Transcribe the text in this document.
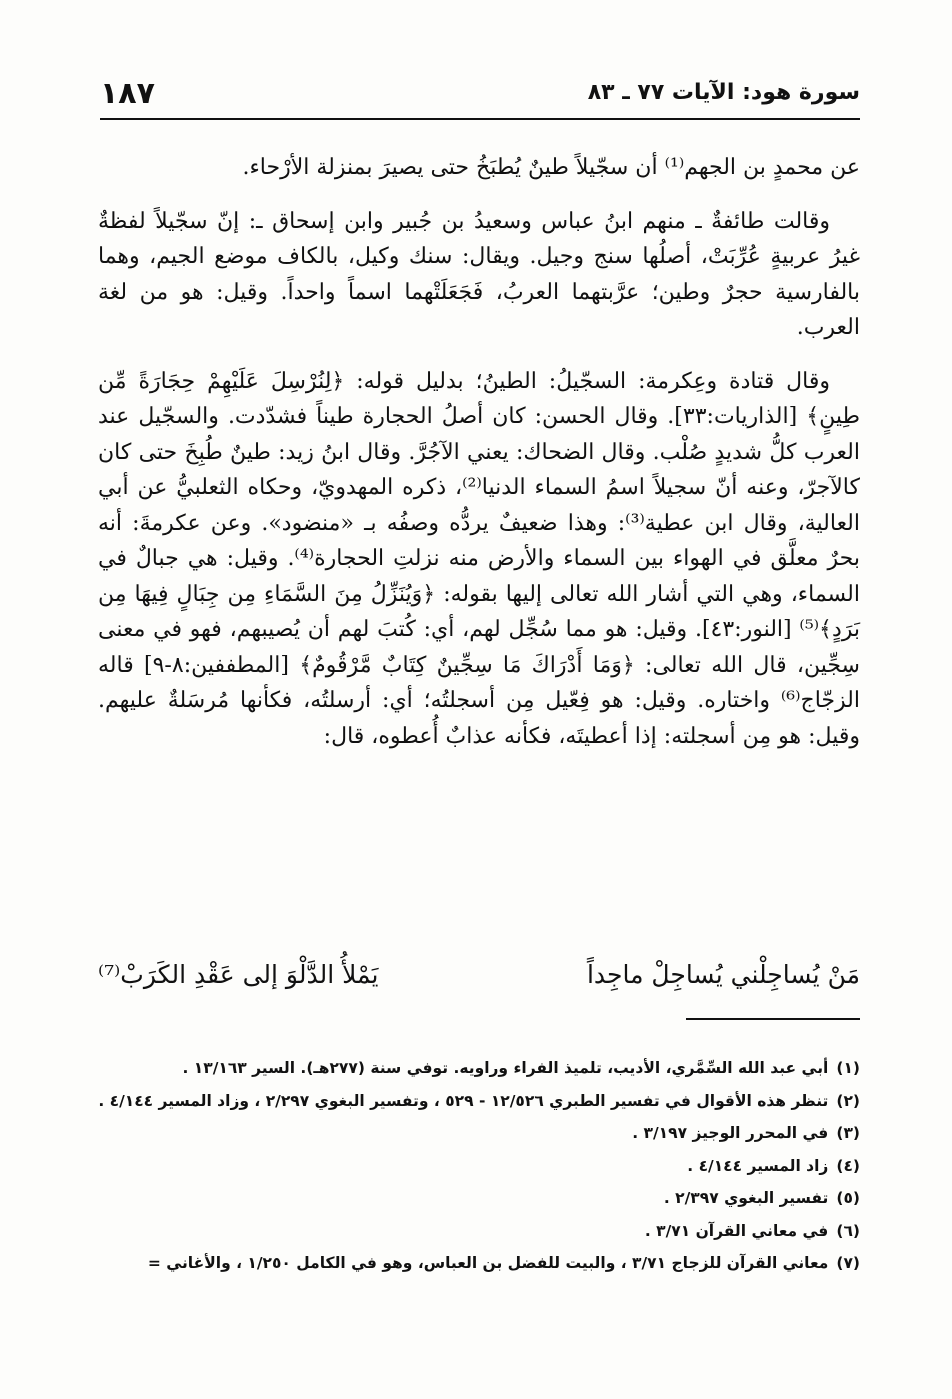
سورة هود: الآيات ٧٧ ـ ٨٣
١٨٧

عن محمدٍ بن الجهم⁽¹⁾ أن سجّيلاً طينٌ يُطبَخُ حتى يصيرَ بمنزلة الأرْحاء.

وقالت طائفةٌ ـ منهم ابنُ عباس وسعيدُ بن جُبير وابن إسحاق ـ: إنّ سجّيلاً لفظةٌ غيرُ عربيةٍ عُرِّبَتْ، أصلُها سنج وجيل. ويقال: سنك وكيل، بالكاف موضع الجيم، وهما بالفارسية حجرٌ وطين؛ عرَّبتهما العربُ، فَجَعَلَتْهما اسماً واحداً. وقيل: هو من لغة العرب.

وقال قتادة وعِكرمة: السجّيلُ: الطينُ؛ بدليل قوله: ﴿لِنُرْسِلَ عَلَيْهِمْ حِجَارَةً مِّن طِينٍ﴾ [الذاريات:٣٣]. وقال الحسن: كان أصلُ الحجارة طيناً فشدّدت. والسجّيل عند العرب كلُّ شديدٍ صُلْب. وقال الضحاك: يعني الآجُرَّ. وقال ابنُ زيد: طينٌ طُبِخَ حتى كان كالآجرّ، وعنه أنّ سجيلاً اسمُ السماء الدنيا⁽²⁾، ذكره المهدويّ، وحكاه الثعلبيُّ عن أبي العالية، وقال ابن عطية⁽³⁾: وهذا ضعيفٌ يردُّه وصفُه بـ «منضود». وعن عكرمةَ: أنه بحرٌ معلَّق في الهواء بين السماء والأرض منه نزلتِ الحجارة⁽⁴⁾. وقيل: هي جبالٌ في السماء، وهي التي أشار الله تعالى إليها بقوله: ﴿وَيُنَزِّلُ مِنَ السَّمَاءِ مِن جِبَالٍ فِيهَا مِن بَرَدٍ﴾⁽⁵⁾ [النور:٤٣]. وقيل: هو مما سُجِّل لهم، أي: كُتبَ لهم أن يُصيبهم، فهو في معنى سِجِّين، قال الله تعالى: ﴿وَمَا أَدْرَاكَ مَا سِجِّينٌ كِتَابٌ مَّرْقُومٌ﴾ [المطففين:٨-٩] قاله الزجّاج⁽⁶⁾ واختاره. وقيل: هو فِعّيل مِن أسجلتُه؛ أي: أرسلتُه، فكأنها مُرسَلةٌ عليهم. وقيل: هو مِن أسجلته: إذا أعطيتَه، فكأنه عذابٌ أُعطوه، قال:

مَنْ يُساجِلْني يُساجِلْ ماجِداً
يَمْلأُ الدَّلْوَ إلى عَقْدِ الكَرَبْ⁽⁷⁾
(١)أبي عبد الله السِّمَّري، الأديب، تلميذ الفراء وراويه. توفي سنة (٢٧٧هـ). السير ١٣/١٦٣ .
(٢)تنظر هذه الأقوال في تفسير الطبري ١٢/٥٢٦ - ٥٢٩ ، وتفسير البغوي ٢/٢٩٧ ، وزاد المسير ٤/١٤٤ .
(٣)في المحرر الوجيز ٣/١٩٧ .
(٤)زاد المسير ٤/١٤٤ .
(٥)تفسير البغوي ٢/٣٩٧ .
(٦)في معاني القرآن ٣/٧١ .
(٧)معاني القرآن للزجاج ٣/٧١ ، والبيت للفضل بن العباس، وهو في الكامل ١/٢٥٠ ، والأغاني =
